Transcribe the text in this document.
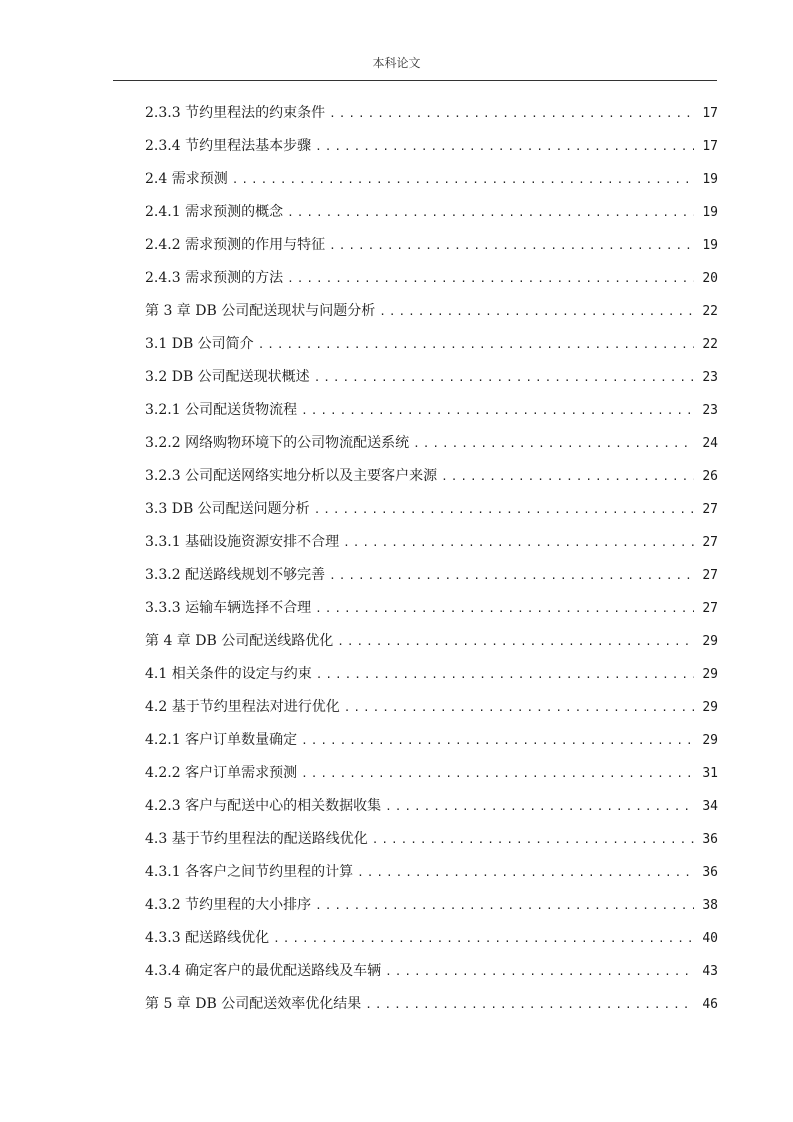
本科论文
2.3.3 节约里程法的约束条件 .....	17
2.3.4 节约里程法基本步骤 .....	17
2.4 需求预测 .....	19
2.4.1 需求预测的概念 .....	19
2.4.2 需求预测的作用与特征 .....	19
2.4.3 需求预测的方法 .....	20
第 3 章 DB 公司配送现状与问题分析 .....	22
3.1 DB 公司简介 .....	22
3.2 DB 公司配送现状概述 .....	23
3.2.1 公司配送货物流程 .....	23
3.2.2 网络购物环境下的公司物流配送系统 .....	24
3.2.3 公司配送网络实地分析以及主要客户来源 .....	26
3.3 DB 公司配送问题分析 .....	27
3.3.1 基础设施资源安排不合理 .....	27
3.3.2 配送路线规划不够完善 .....	27
3.3.3 运输车辆选择不合理 .....	27
第 4 章 DB 公司配送线路优化 .....	29
4.1 相关条件的设定与约束 .....	29
4.2 基于节约里程法对进行优化 .....	29
4.2.1 客户订单数量确定 .....	29
4.2.2 客户订单需求预测 .....	31
4.2.3 客户与配送中心的相关数据收集 .....	34
4.3 基于节约里程法的配送路线优化 .....	36
4.3.1 各客户之间节约里程的计算 .....	36
4.3.2 节约里程的大小排序 .....	38
4.3.3 配送路线优化 .....	40
4.3.4 确定客户的最优配送路线及车辆 .....	43
第 5 章 DB 公司配送效率优化结果 .....	46
